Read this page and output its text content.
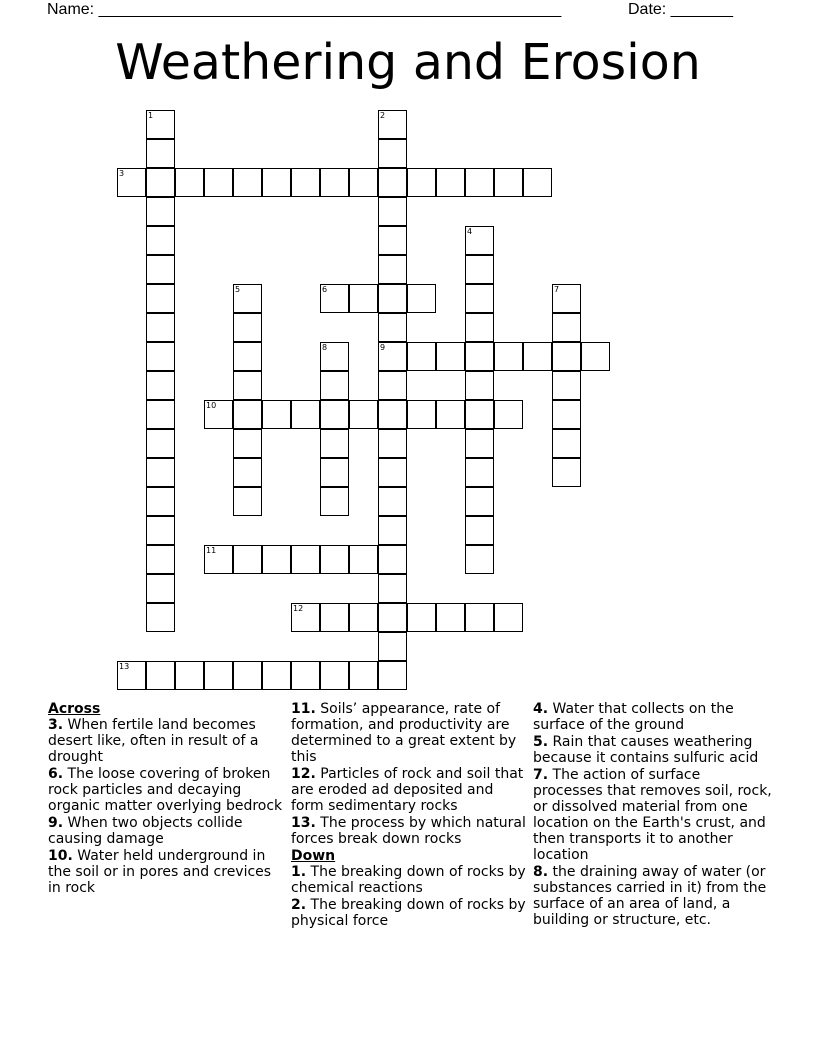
Name: ____________________________________________________	Date: _______
Weathering and Erosion
1	2
9
3
4
5	6	7
8
10
11
12
13
Across
3. When fertile land becomes desert like, often in result of a drought
6. The loose covering of broken rock particles and decaying organic matter overlying bedrock
9. When two objects collide causing damage
10. Water held underground in the soil or in pores and crevices in rock
11. Soils’ appearance, rate of formation, and productivity are determined to a great extent by this
12. Particles of rock and soil that are eroded ad deposited and form sedimentary rocks
13. The process by which natural forces break down rocks
Down
1. The breaking down of rocks by chemical reactions
2. The breaking down of rocks by physical force
4. Water that collects on the surface of the ground
5. Rain that causes weathering because it contains sulfuric acid
7. The action of surface processes that removes soil, rock, or dissolved material from one location on the Earth's crust, and then transports it to another location
8. the draining away of water (or substances carried in it) from the surface of an area of land, a building or structure, etc.
